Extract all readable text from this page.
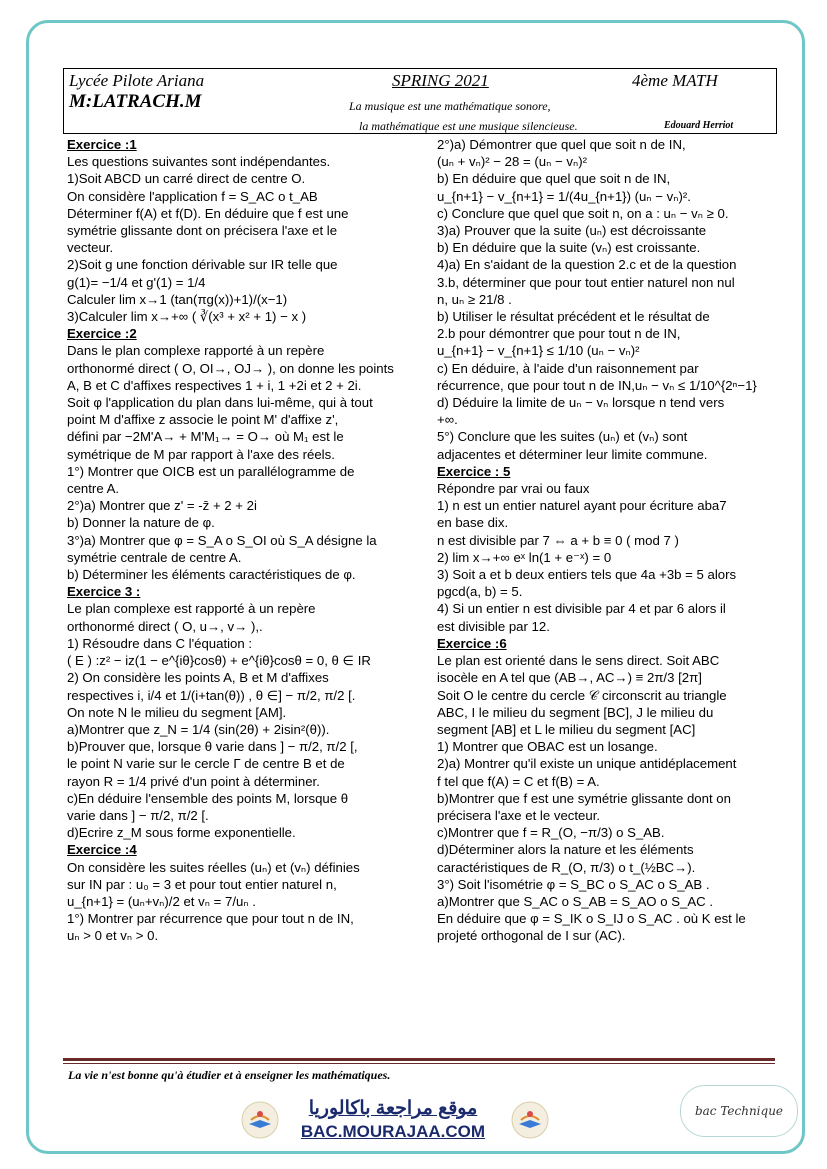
Lycée Pilote Ariana
M:LATRACH.M
SPRING 2021	4ème MATH
La musique est une mathématique sonore,
la mathématique est une musique silencieuse.	Edouard Herriot
Exercice :1
Les questions suivantes sont indépendantes.
1)Soit ABCD un carré direct de centre O.
On considère l'application f = S_AC o t_AB
Déterminer f(A) et f(D). En déduire que f est une
symétrie glissante dont on précisera l'axe et le
vecteur.
2)Soit g une fonction dérivable sur IR telle que
g(1)= −1/4 et g'(1) = 1/4
Calculer lim x→1 (tan(πg(x))+1)/(x−1)
3)Calculer lim x→+∞ ( ∛(x³ + x² + 1) − x )
Exercice :2
Dans le plan complexe rapporté à un repère
orthonormé direct ( O, OI→, OJ→ ), on donne les points
A, B et C d'affixes respectives 1 + i, 1 +2i et 2 + 2i.
Soit φ l'application du plan dans lui-même, qui à tout
point M d'affixe z associe le point M' d'affixe z',
défini par −2M'A→ + M'M₁→ = O→ où M₁ est le
symétrique de M par rapport à l'axe des réels.
1°) Montrer que OICB est un parallélogramme de
centre A.
2°)a) Montrer que z' = -z̄ + 2 + 2i
b) Donner la nature de φ.
3°)a) Montrer que φ = S_A o S_OI où S_A désigne la
symétrie centrale de centre A.
b) Déterminer les éléments caractéristiques de φ.
Exercice 3 :
Le plan complexe est rapporté à un repère
orthonormé direct ( O, u→, v→ ),.
1) Résoudre dans C l'équation :
( E ) :z² − iz(1 − e^{iθ}cosθ) + e^{iθ}cosθ = 0, θ ∈ IR
2) On considère les points A, B et M d'affixes
respectives i, i/4 et 1/(i+tan(θ)) , θ ∈] − π/2, π/2 [.
On note N le milieu du segment [AM].
a)Montrer que z_N = 1/4 (sin(2θ) + 2isin²(θ)).
b)Prouver que, lorsque θ varie dans ] − π/2, π/2 [,
le point N varie sur le cercle Γ de centre B et de
rayon R = 1/4 privé d'un point à déterminer.
c)En déduire l'ensemble des points M, lorsque θ
varie dans ] − π/2, π/2 [.
d)Ecrire z_M sous forme exponentielle.
Exercice :4
On considère les suites réelles (uₙ) et (vₙ) définies
sur IN par : u₀ = 3 et pour tout entier naturel n,
u_{n+1} = (uₙ+vₙ)/2 et vₙ = 7/uₙ .
1°) Montrer par récurrence que pour tout n de IN,
uₙ > 0 et vₙ > 0.
2°)a) Démontrer que quel que soit n de IN,
(uₙ + vₙ)² − 28 = (uₙ − vₙ)²
b) En déduire que quel que soit n de IN,
u_{n+1} − v_{n+1} = 1/(4u_{n+1}) (uₙ − vₙ)².
c) Conclure que quel que soit n, on a : uₙ − vₙ ≥ 0.
3)a) Prouver que la suite (uₙ) est décroissante
b) En déduire que la suite (vₙ) est croissante.
4)a) En s'aidant de la question 2.c et de la question
3.b, déterminer que pour tout entier naturel non nul
n, uₙ ≥ 21/8 .
b) Utiliser le résultat précédent et le résultat de
2.b pour démontrer que pour tout n de IN,
u_{n+1} − v_{n+1} ≤ 1/10 (uₙ − vₙ)²
c) En déduire, à l'aide d'un raisonnement par
récurrence, que pour tout n de IN,uₙ − vₙ ≤ 1/10^{2ⁿ−1}
d) Déduire la limite de uₙ − vₙ lorsque n tend vers
+∞.
5°) Conclure que les suites (uₙ) et (vₙ) sont
adjacentes et déterminer leur limite commune.
Exercice : 5
Répondre par vrai ou faux
1) n est un entier naturel ayant pour écriture aba7
en base dix.
n est divisible par 7 ⇔ a + b ≡ 0 ( mod 7 )
2) lim x→+∞ eˣ ln(1 + e⁻ˣ) = 0
3) Soit a et b deux entiers tels que 4a +3b = 5 alors
pgcd(a, b) = 5.
4) Si un entier n est divisible par 4 et par 6 alors il
est divisible par 12.
Exercice :6
Le plan est orienté dans le sens direct. Soit ABC
isocèle en A tel que (AB→, AC→) ≡ 2π/3 [2π]
Soit O le centre du cercle 𝒞 circonscrit au triangle
ABC, I le milieu du segment [BC], J le milieu du
segment [AB] et L le milieu du segment [AC]
1) Montrer que OBAC est un losange.
2)a) Montrer qu'il existe un unique antidéplacement
f tel que f(A) = C et f(B) = A.
b)Montrer que f est une symétrie glissante dont on
précisera l'axe et le vecteur.
c)Montrer que f = R_(O, −π/3) o S_AB.
d)Déterminer alors la nature et les éléments
caractéristiques de R_(O, π/3) o t_(½BC→).
3°) Soit l'isométrie φ = S_BC o S_AC o S_AB .
a)Montrer que S_AC o S_AB = S_AO o S_AC .
En déduire que φ = S_IK o S_IJ o S_AC . où K est le
projeté orthogonal de I sur (AC).
La vie n'est bonne qu'à étudier et à enseigner les mathématiques.
موقع مراجعة باكالوريا
BAC.MOURAJAA.COM
bac Technique
